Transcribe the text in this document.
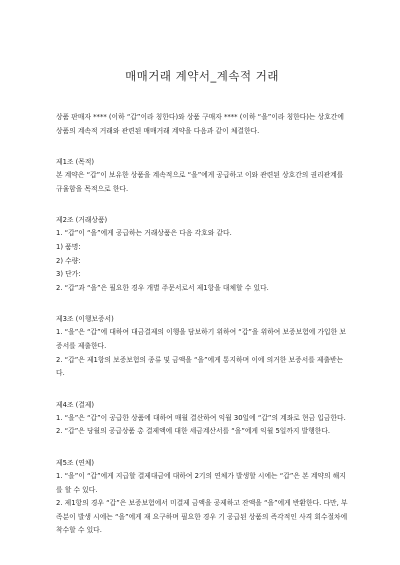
매매거래 계약서_계속적 거래

상품 판매자 **** (이하 “갑”이라 칭한다)와 상품 구매자 **** (이하 “을”이라 칭한다)는 상호간에 상품의 계속적 거래와 관련된 매매거래 계약을 다음과 같이 체결한다.

제1조 (목적)

본 계약은 “갑”이 보유한 상품을 계속적으로 “을”에게 공급하고 이와 관련된 상호간의 권리관계를 규율함을 목적으로 한다.

제2조 (거래상품)

1. “갑”이 “을”에게 공급하는 거래상품은 다음 각호와 같다.

1) 품명:

2) 수량:

3) 단가:

2. “갑”과 “을”은 필요한 경우 개별 주문서로서 제1항을 대체할 수 있다.

제3조 (이행보증서)

1. “을”은 “갑”에 대하여 대금결제의 이행을 담보하기 위하여 “갑”을 위하여 보증보험에 가입한 보증서를 제출한다.

2. “갑”은 제1항의 보증보험의 종류 및 금액을 “을”에게 통지하며 이에 의거한 보증서를 제출받는다.

제4조 (결제)

1. “을”은 “갑”이 공급한 상품에 대하여 매월 결산하여 익월 30일에 “갑”의 계좌로 현금 입금한다.

2. “갑”은 당월의 공급상품 총 결제액에 대한 세금계산서를 “을”에게 익월 5일까지 발행한다.

제5조 (연체)

1. “을”이 “갑”에게 지급할 결제대금에 대하여 2기의 연체가 발생할 시에는 “갑”은 본 계약의 해지를 할 수 있다.

2. 제1항의 경우 “갑”은 보증보험에서 미결제 금액을 공제하고 잔액을 “을”에게 반환한다. 다만, 부족분이 발생 시에는 “을”에게 재 요구하며 필요한 경우 기 공급된 상품의 즉각적인 사격 회수절차에 착수할 수 있다.
